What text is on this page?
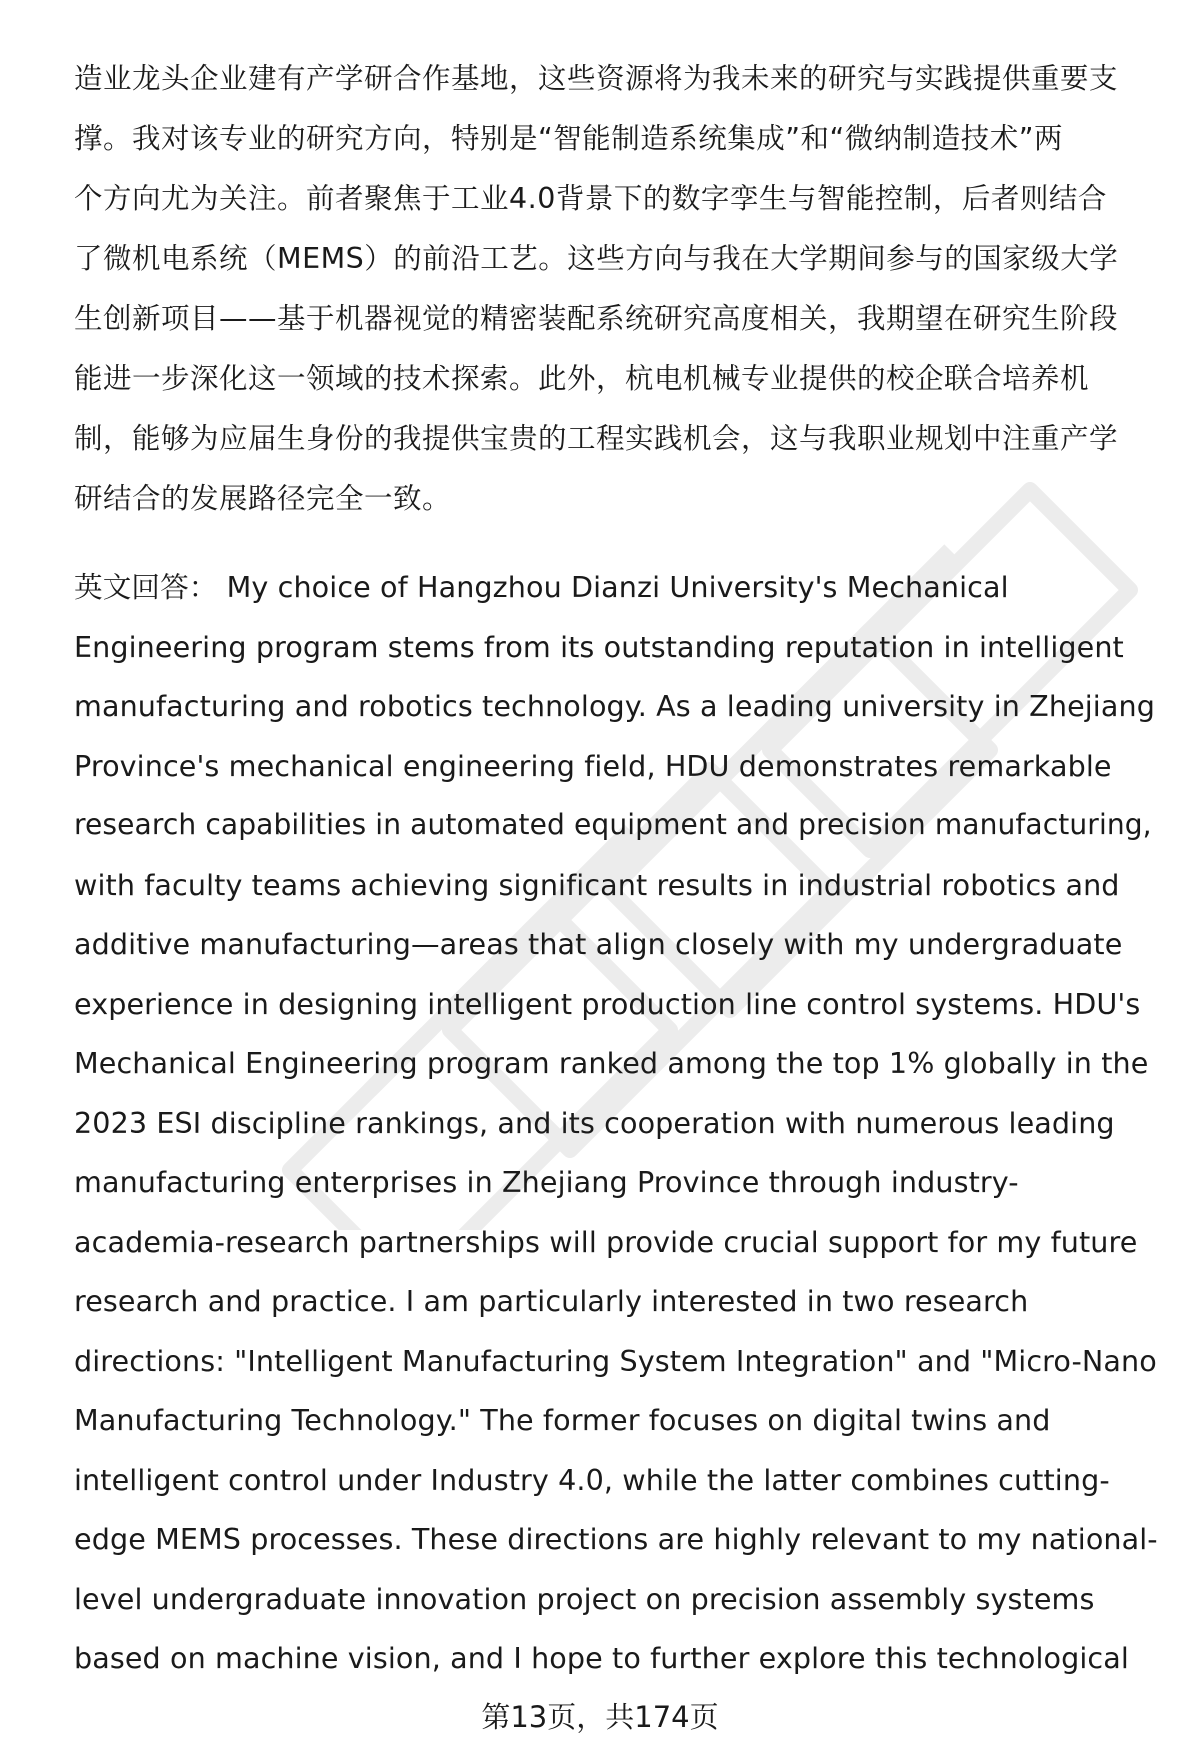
造业龙头企业建有产学研合作基地，这些资源将为我未来的研究与实践提供重要支
撑。我对该专业的研究方向，特别是“智能制造系统集成”和“微纳制造技术”两
个方向尤为关注。前者聚焦于工业4.0背景下的数字孪生与智能控制，后者则结合
了微机电系统（MEMS）的前沿工艺。这些方向与我在大学期间参与的国家级大学
生创新项目——基于机器视觉的精密装配系统研究高度相关，我期望在研究生阶段
能进一步深化这一领域的技术探索。此外，杭电机械专业提供的校企联合培养机
制，能够为应届生身份的我提供宝贵的工程实践机会，这与我职业规划中注重产学
研结合的发展路径完全一致。
英文回答： My choice of Hangzhou Dianzi University's Mechanical
Engineering program stems from its outstanding reputation in intelligent
manufacturing and robotics technology. As a leading university in Zhejiang
Province's mechanical engineering field, HDU demonstrates remarkable
research capabilities in automated equipment and precision manufacturing,
with faculty teams achieving significant results in industrial robotics and
additive manufacturing—areas that align closely with my undergraduate
experience in designing intelligent production line control systems. HDU's
Mechanical Engineering program ranked among the top 1% globally in the
2023 ESI discipline rankings, and its cooperation with numerous leading
manufacturing enterprises in Zhejiang Province through industry-
academia-research partnerships will provide crucial support for my future
research and practice. I am particularly interested in two research
directions: "Intelligent Manufacturing System Integration" and "Micro-Nano
Manufacturing Technology." The former focuses on digital twins and
intelligent control under Industry 4.0, while the latter combines cutting-
edge MEMS processes. These directions are highly relevant to my national-
level undergraduate innovation project on precision assembly systems
based on machine vision, and I hope to further explore this technological
第13页，共174页
